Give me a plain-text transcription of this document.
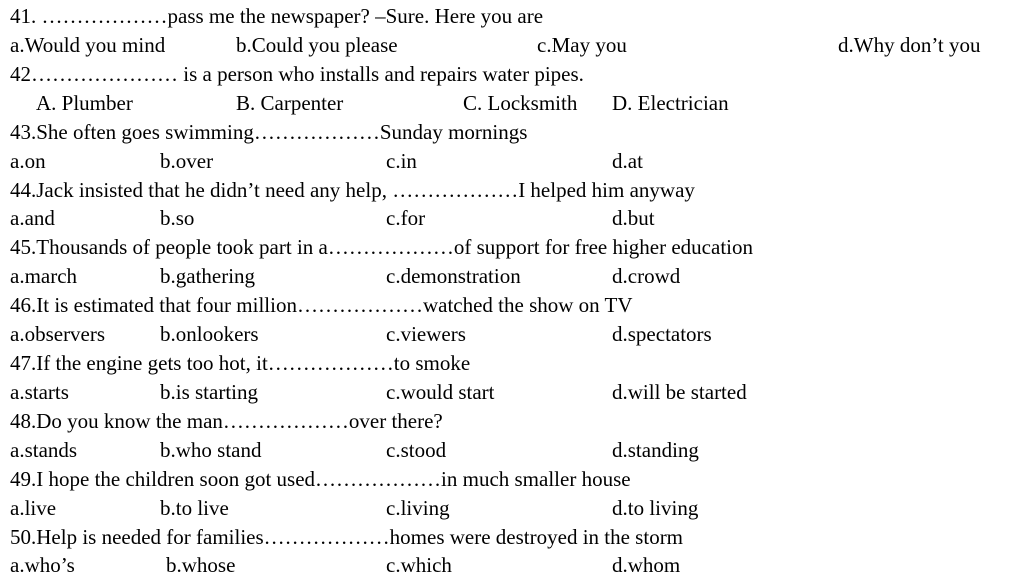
41. ………………pass me the newspaper? –Sure. Here you are
a.Would you mind	b.Could you please	c.May you	d.Why don’t you
42………………… is a person who installs and repairs water pipes.
A. Plumber	B. Carpenter	C. Locksmith D. Electrician
43.She often goes swimming………………Sunday mornings
a.on	b.over	c.in	d.at
44.Jack insisted that he didn’t need any help, ………………I helped him anyway
a.and	b.so	c.for	d.but
45.Thousands of people took part in a………………of support for free higher education
a.march	b.gathering	c.demonstration	d.crowd
46.It is estimated that four million………………watched the show on TV
a.observers	b.onlookers	c.viewers	d.spectators
47.If the engine gets too hot, it………………to smoke
a.starts	b.is starting	c.would start	d.will be started
48.Do you know the man………………over there?
a.stands	b.who stand	c.stood	d.standing
49.I hope the children soon got used………………in much smaller house
a.live	b.to live	c.living	d.to living
50.Help is needed for families………………homes were destroyed in the storm
a.who’s	b.whose	c.which	d.whom
